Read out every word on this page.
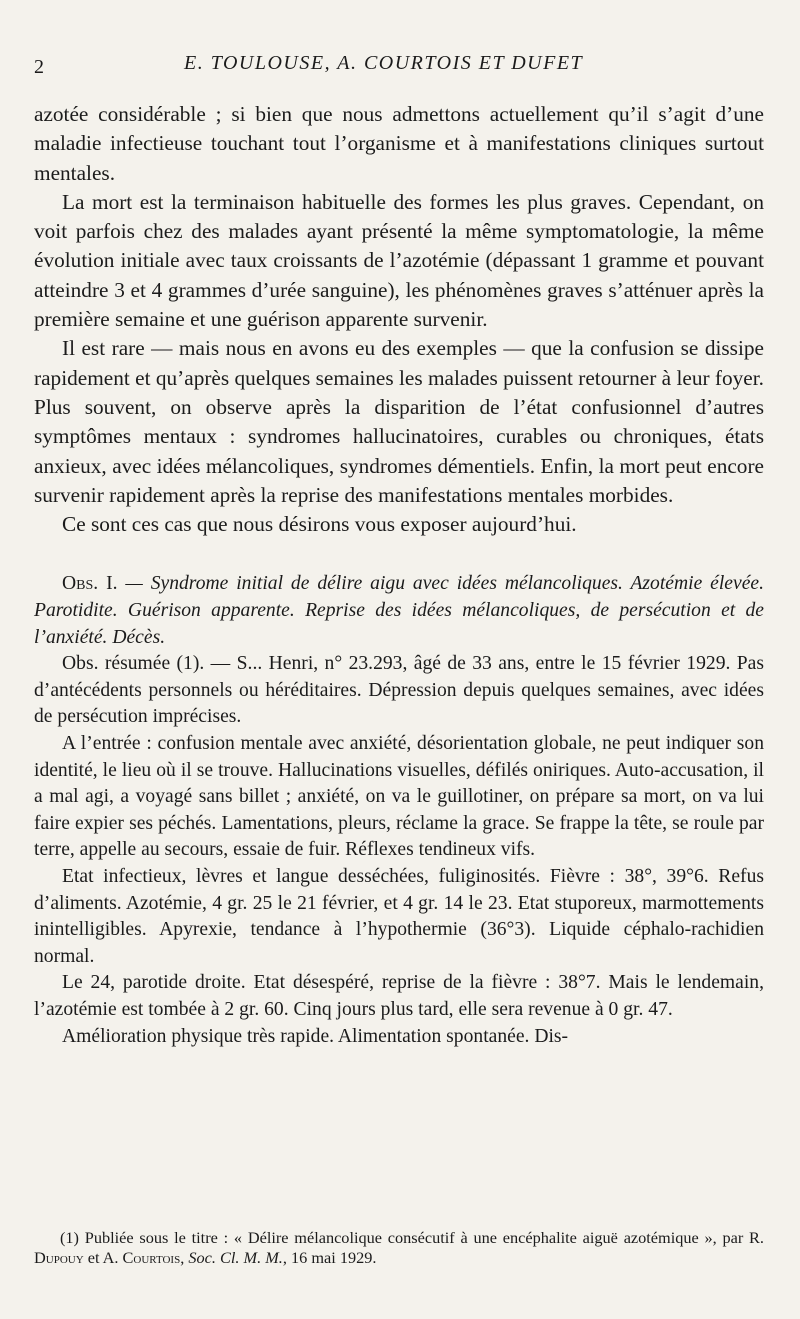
2	E. TOULOUSE, A. COURTOIS ET DUFET

azotée considérable ; si bien que nous admettons actuellement qu’il s’agit d’une maladie infectieuse touchant tout l’organisme et à manifestations cliniques surtout mentales.

La mort est la terminaison habituelle des formes les plus graves. Cependant, on voit parfois chez des malades ayant présenté la même symptomatologie, la même évolution initiale avec taux croissants de l’azotémie (dépassant 1 gramme et pouvant atteindre 3 et 4 grammes d’urée sanguine), les phénomènes graves s’atténuer après la première semaine et une guérison apparente survenir.

Il est rare — mais nous en avons eu des exemples — que la confusion se dissipe rapidement et qu’après quelques semaines les malades puissent retourner à leur foyer. Plus souvent, on observe après la disparition de l’état confusionnel d’autres symptômes mentaux : syndromes hallucinatoires, curables ou chroniques, états anxieux, avec idées mélancoliques, syndromes démentiels. Enfin, la mort peut encore survenir rapidement après la reprise des manifestations mentales morbides.

Ce sont ces cas que nous désirons vous exposer aujourd’hui.

Obs. I. — Syndrome initial de délire aigu avec idées mélancoliques. Azotémie élevée. Parotidite. Guérison apparente. Reprise des idées mélancoliques, de persécution et de l’anxiété. Décès.

Obs. résumée (1). — S... Henri, n° 23.293, âgé de 33 ans, entre le 15 février 1929. Pas d’antécédents personnels ou héréditaires. Dépression depuis quelques semaines, avec idées de persécution imprécises.

A l’entrée : confusion mentale avec anxiété, désorientation globale, ne peut indiquer son identité, le lieu où il se trouve. Hallucinations visuelles, défilés oniriques. Auto-accusation, il a mal agi, a voyagé sans billet ; anxiété, on va le guillotiner, on prépare sa mort, on va lui faire expier ses péchés. Lamentations, pleurs, réclame la grace. Se frappe la tête, se roule par terre, appelle au secours, essaie de fuir. Réflexes tendineux vifs.

Etat infectieux, lèvres et langue desséchées, fuliginosités. Fièvre : 38°, 39°6. Refus d’aliments. Azotémie, 4 gr. 25 le 21 février, et 4 gr. 14 le 23. Etat stuporeux, marmottements inintelligibles. Apyrexie, tendance à l’hypothermie (36°3). Liquide céphalo-rachidien normal.

Le 24, parotide droite. Etat désespéré, reprise de la fièvre : 38°7. Mais le lendemain, l’azotémie est tombée à 2 gr. 60. Cinq jours plus tard, elle sera revenue à 0 gr. 47.

Amélioration physique très rapide. Alimentation spontanée. Dis-

(1) Publiée sous le titre : « Délire mélancolique consécutif à une encéphalite aiguë azotémique », par R. Dupouy et A. Courtois, Soc. Cl. M. M., 16 mai 1929.
